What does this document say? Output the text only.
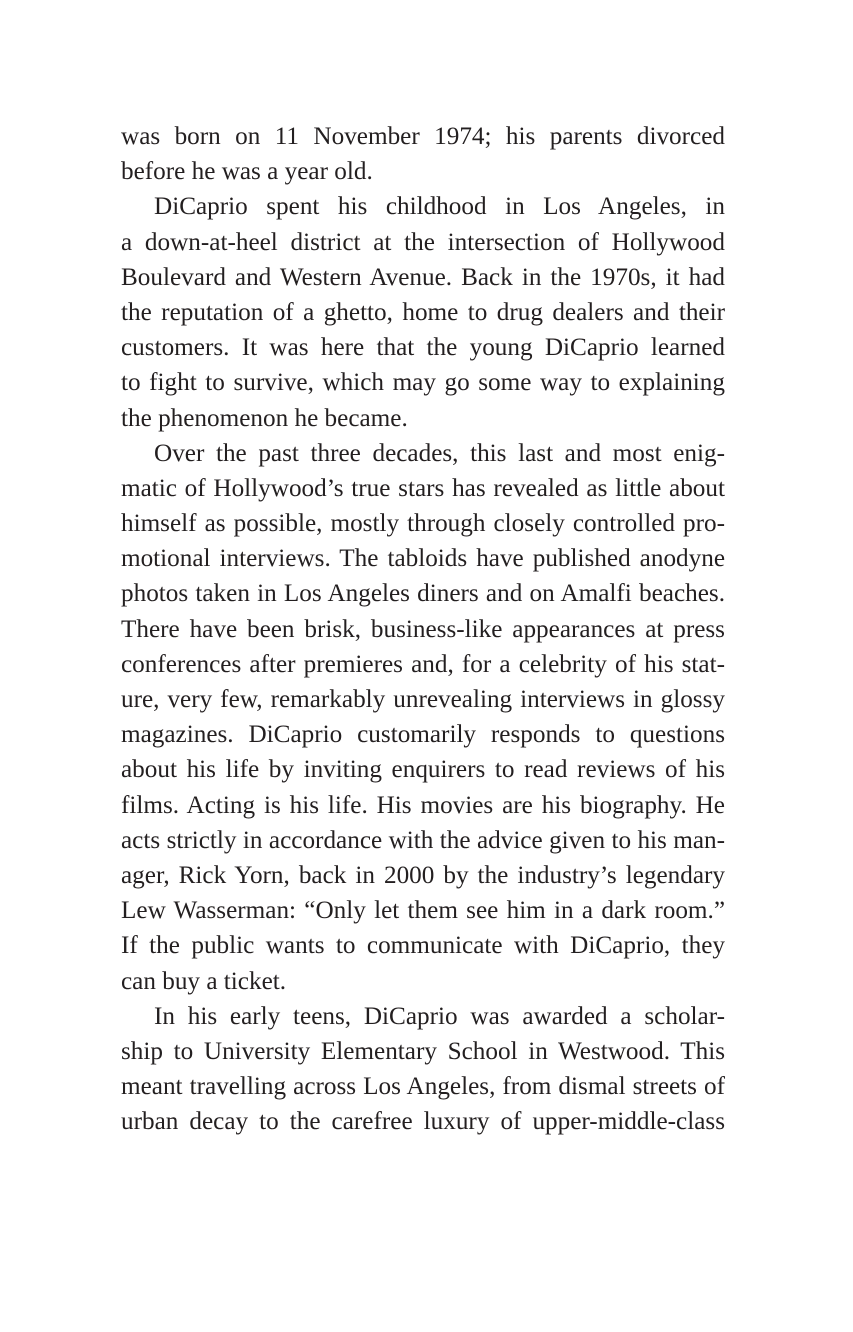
was born on 11 November 1974; his parents divorced
before he was a year old.
DiCaprio spent his childhood in Los Angeles, in
a down-at-heel district at the intersection of Hollywood
Boulevard and Western Avenue. Back in the 1970s, it had
the reputation of a ghetto, home to drug dealers and their
customers. It was here that the young DiCaprio learned
to fight to survive, which may go some way to explaining
the phenomenon he became.
Over the past three decades, this last and most enig-
matic of Hollywood’s true stars has revealed as little about
himself as possible, mostly through closely controlled pro-
motional interviews. The tabloids have published anodyne
photos taken in Los Angeles diners and on Amalfi beaches.
There have been brisk, business-like appearances at press
conferences after premieres and, for a celebrity of his stat-
ure, very few, remarkably unrevealing interviews in glossy
magazines. DiCaprio customarily responds to questions
about his life by inviting enquirers to read reviews of his
films. Acting is his life. His movies are his biography. He
acts strictly in accordance with the advice given to his man-
ager, Rick Yorn, back in 2000 by the industry’s legendary
Lew Wasserman: “Only let them see him in a dark room.”
If the public wants to communicate with DiCaprio, they
can buy a ticket.
In his early teens, DiCaprio was awarded a scholar-
ship to University Elementary School in Westwood. This
meant travelling across Los Angeles, from dismal streets of
urban decay to the carefree luxury of upper-middle-class
